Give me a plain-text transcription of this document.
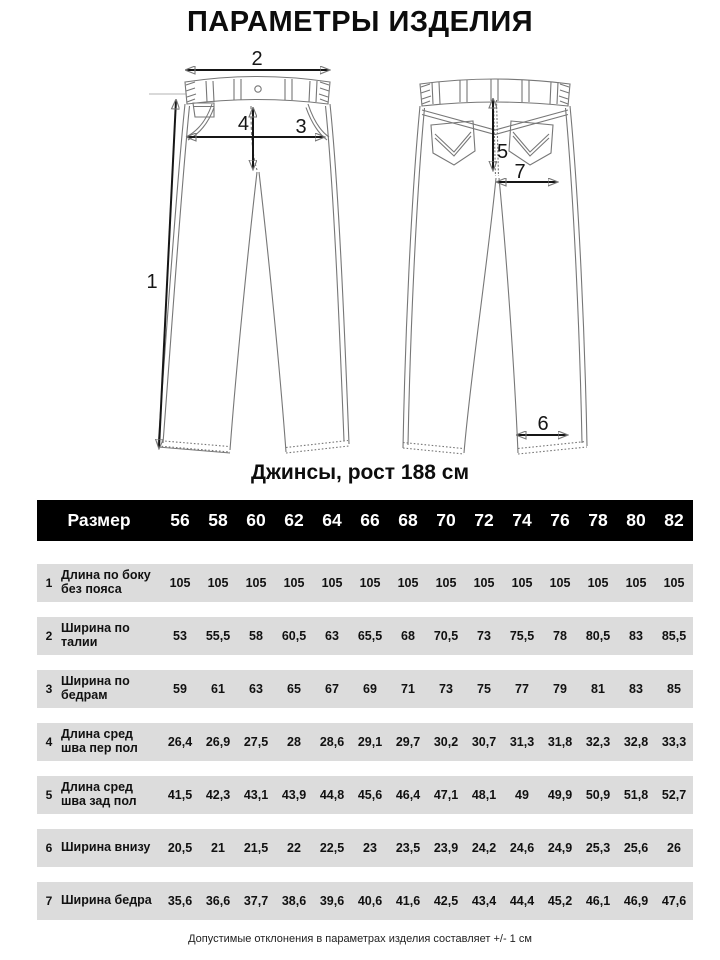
ПАРАМЕТРЫ ИЗДЕЛИЯ
1
2
3
4
5
6
7
Джинсы, рост 188 см
Размер	56	58	60	62	64	66	68	70	72	74	76	78	80	82
1
Длина по боку без пояса	105	105	105	105	105	105	105	105	105	105	105	105	105	105
2
Ширина по талии	53	55,5	58	60,5	63	65,5	68	70,5	73	75,5	78	80,5	83	85,5
3
Ширина по бедрам	59	61	63	65	67	69	71	73	75	77	79	81	83	85
4
Длина сред шва пер пол	26,4	26,9	27,5	28	28,6	29,1	29,7	30,2	30,7	31,3	31,8	32,3	32,8	33,3
5
Длина сред шва зад пол	41,5	42,3	43,1	43,9	44,8	45,6	46,4	47,1	48,1	49	49,9	50,9	51,8	52,7
6 Ширина внизу	20,5	21	21,5	22	22,5	23	23,5	23,9	24,2	24,6	24,9	25,3	25,6	26
7 Ширина бедра	35,6	36,6	37,7	38,6	39,6	40,6	41,6	42,5	43,4	44,4	45,2	46,1	46,9	47,6
Допустимые отклонения в параметрах изделия составляет +/- 1 см
